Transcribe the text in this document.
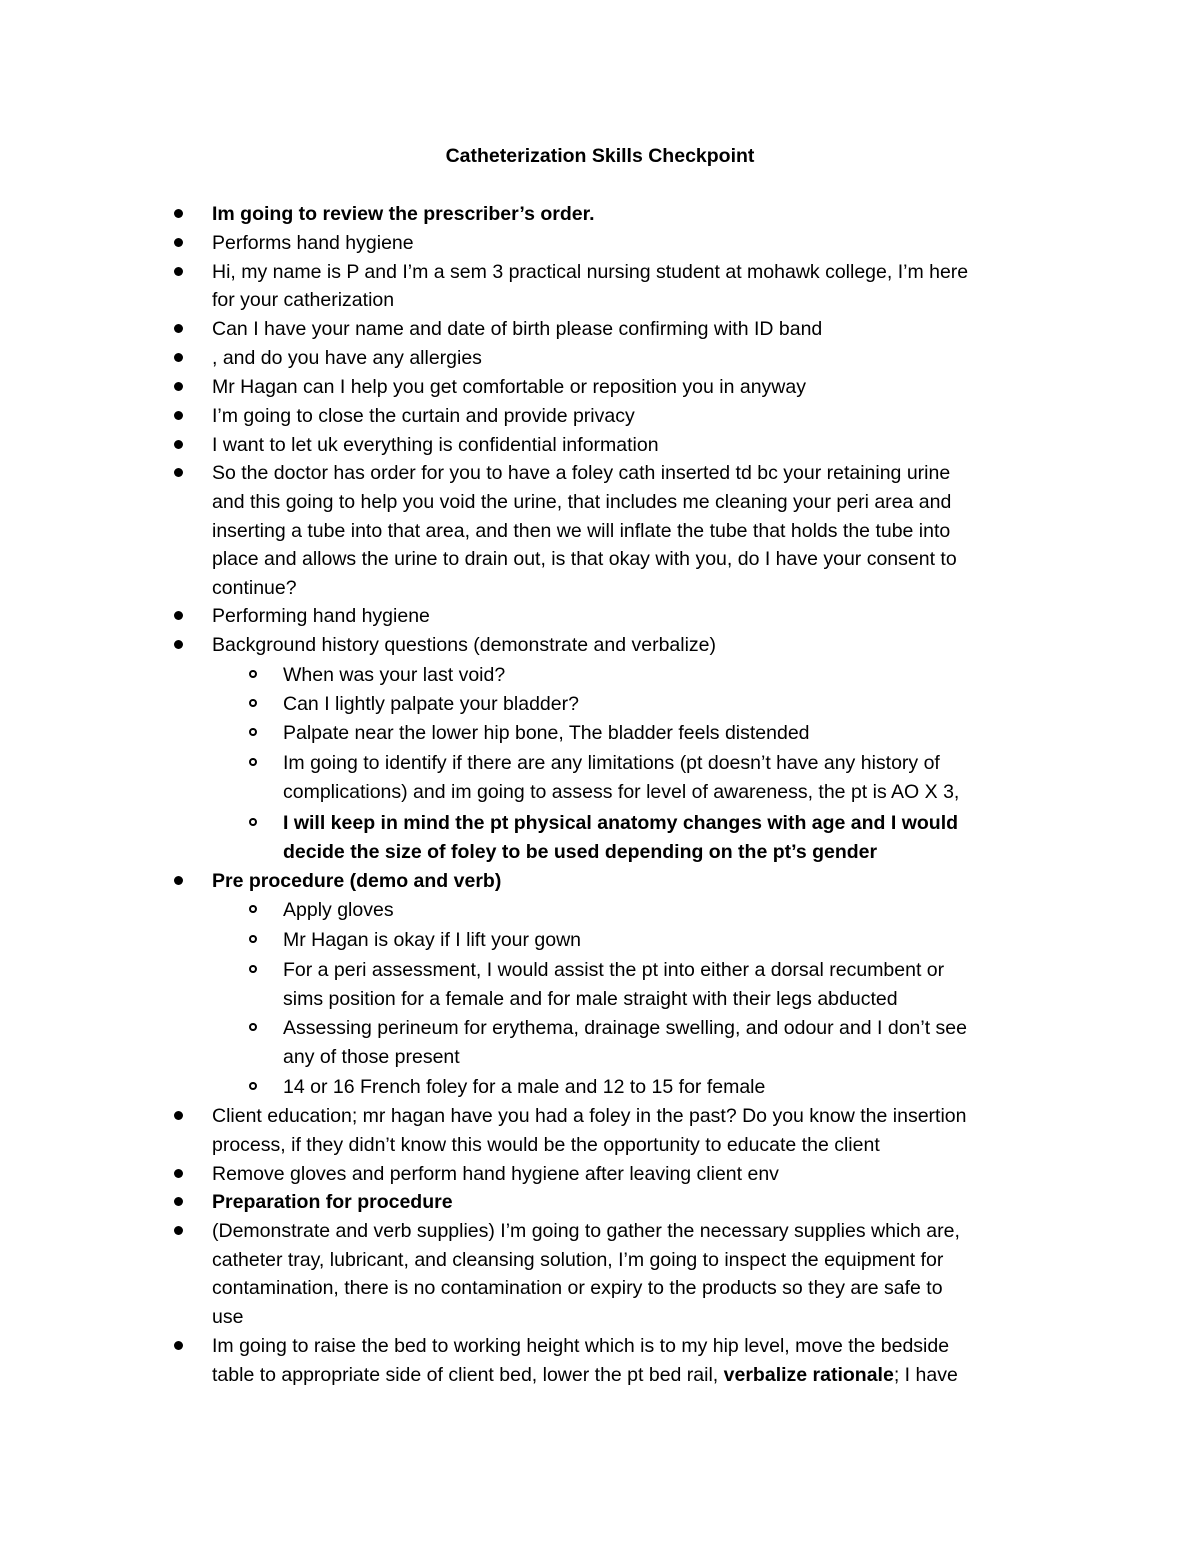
Catheterization Skills Checkpoint
Im going to review the prescriber’s order.
Performs hand hygiene
Hi, my name is P and I’m a sem 3 practical nursing student at mohawk college, I’m here
for your catherization
Can I have your name and date of birth please confirming with ID band
, and do you have any allergies
Mr Hagan can I help you get comfortable or reposition you in anyway
I’m going to close the curtain and provide privacy
I want to let uk everything is confidential information
So the doctor has order for you to have a foley cath inserted td bc your retaining urine
and this going to help you void the urine, that includes me cleaning your peri area and
inserting a tube into that area, and then we will inflate the tube that holds the tube into
place and allows the urine to drain out, is that okay with you, do I have your consent to
continue?
Performing hand hygiene
Background history questions (demonstrate and verbalize)
When was your last void?
Can I lightly palpate your bladder?
Palpate near the lower hip bone, The bladder feels distended
Im going to identify if there are any limitations (pt doesn’t have any history of
complications) and im going to assess for level of awareness, the pt is AO X 3,
I will keep in mind the pt physical anatomy changes with age and I would
decide the size of foley to be used depending on the pt’s gender
Pre procedure (demo and verb)
Apply gloves
Mr Hagan is okay if I lift your gown
For a peri assessment, I would assist the pt into either a dorsal recumbent or
sims position for a female and for male straight with their legs abducted
Assessing perineum for erythema, drainage swelling, and odour and I don’t see
any of those present
14 or 16 French foley for a male and 12 to 15 for female
Client education; mr hagan have you had a foley in the past? Do you know the insertion
process, if they didn’t know this would be the opportunity to educate the client
Remove gloves and perform hand hygiene after leaving client env
Preparation for procedure
(Demonstrate and verb supplies) I’m going to gather the necessary supplies which are,
catheter tray, lubricant, and cleansing solution, I’m going to inspect the equipment for
contamination, there is no contamination or expiry to the products so they are safe to
use
Im going to raise the bed to working height which is to my hip level, move the bedside
table to appropriate side of client bed, lower the pt bed rail, verbalize rationale; I have
